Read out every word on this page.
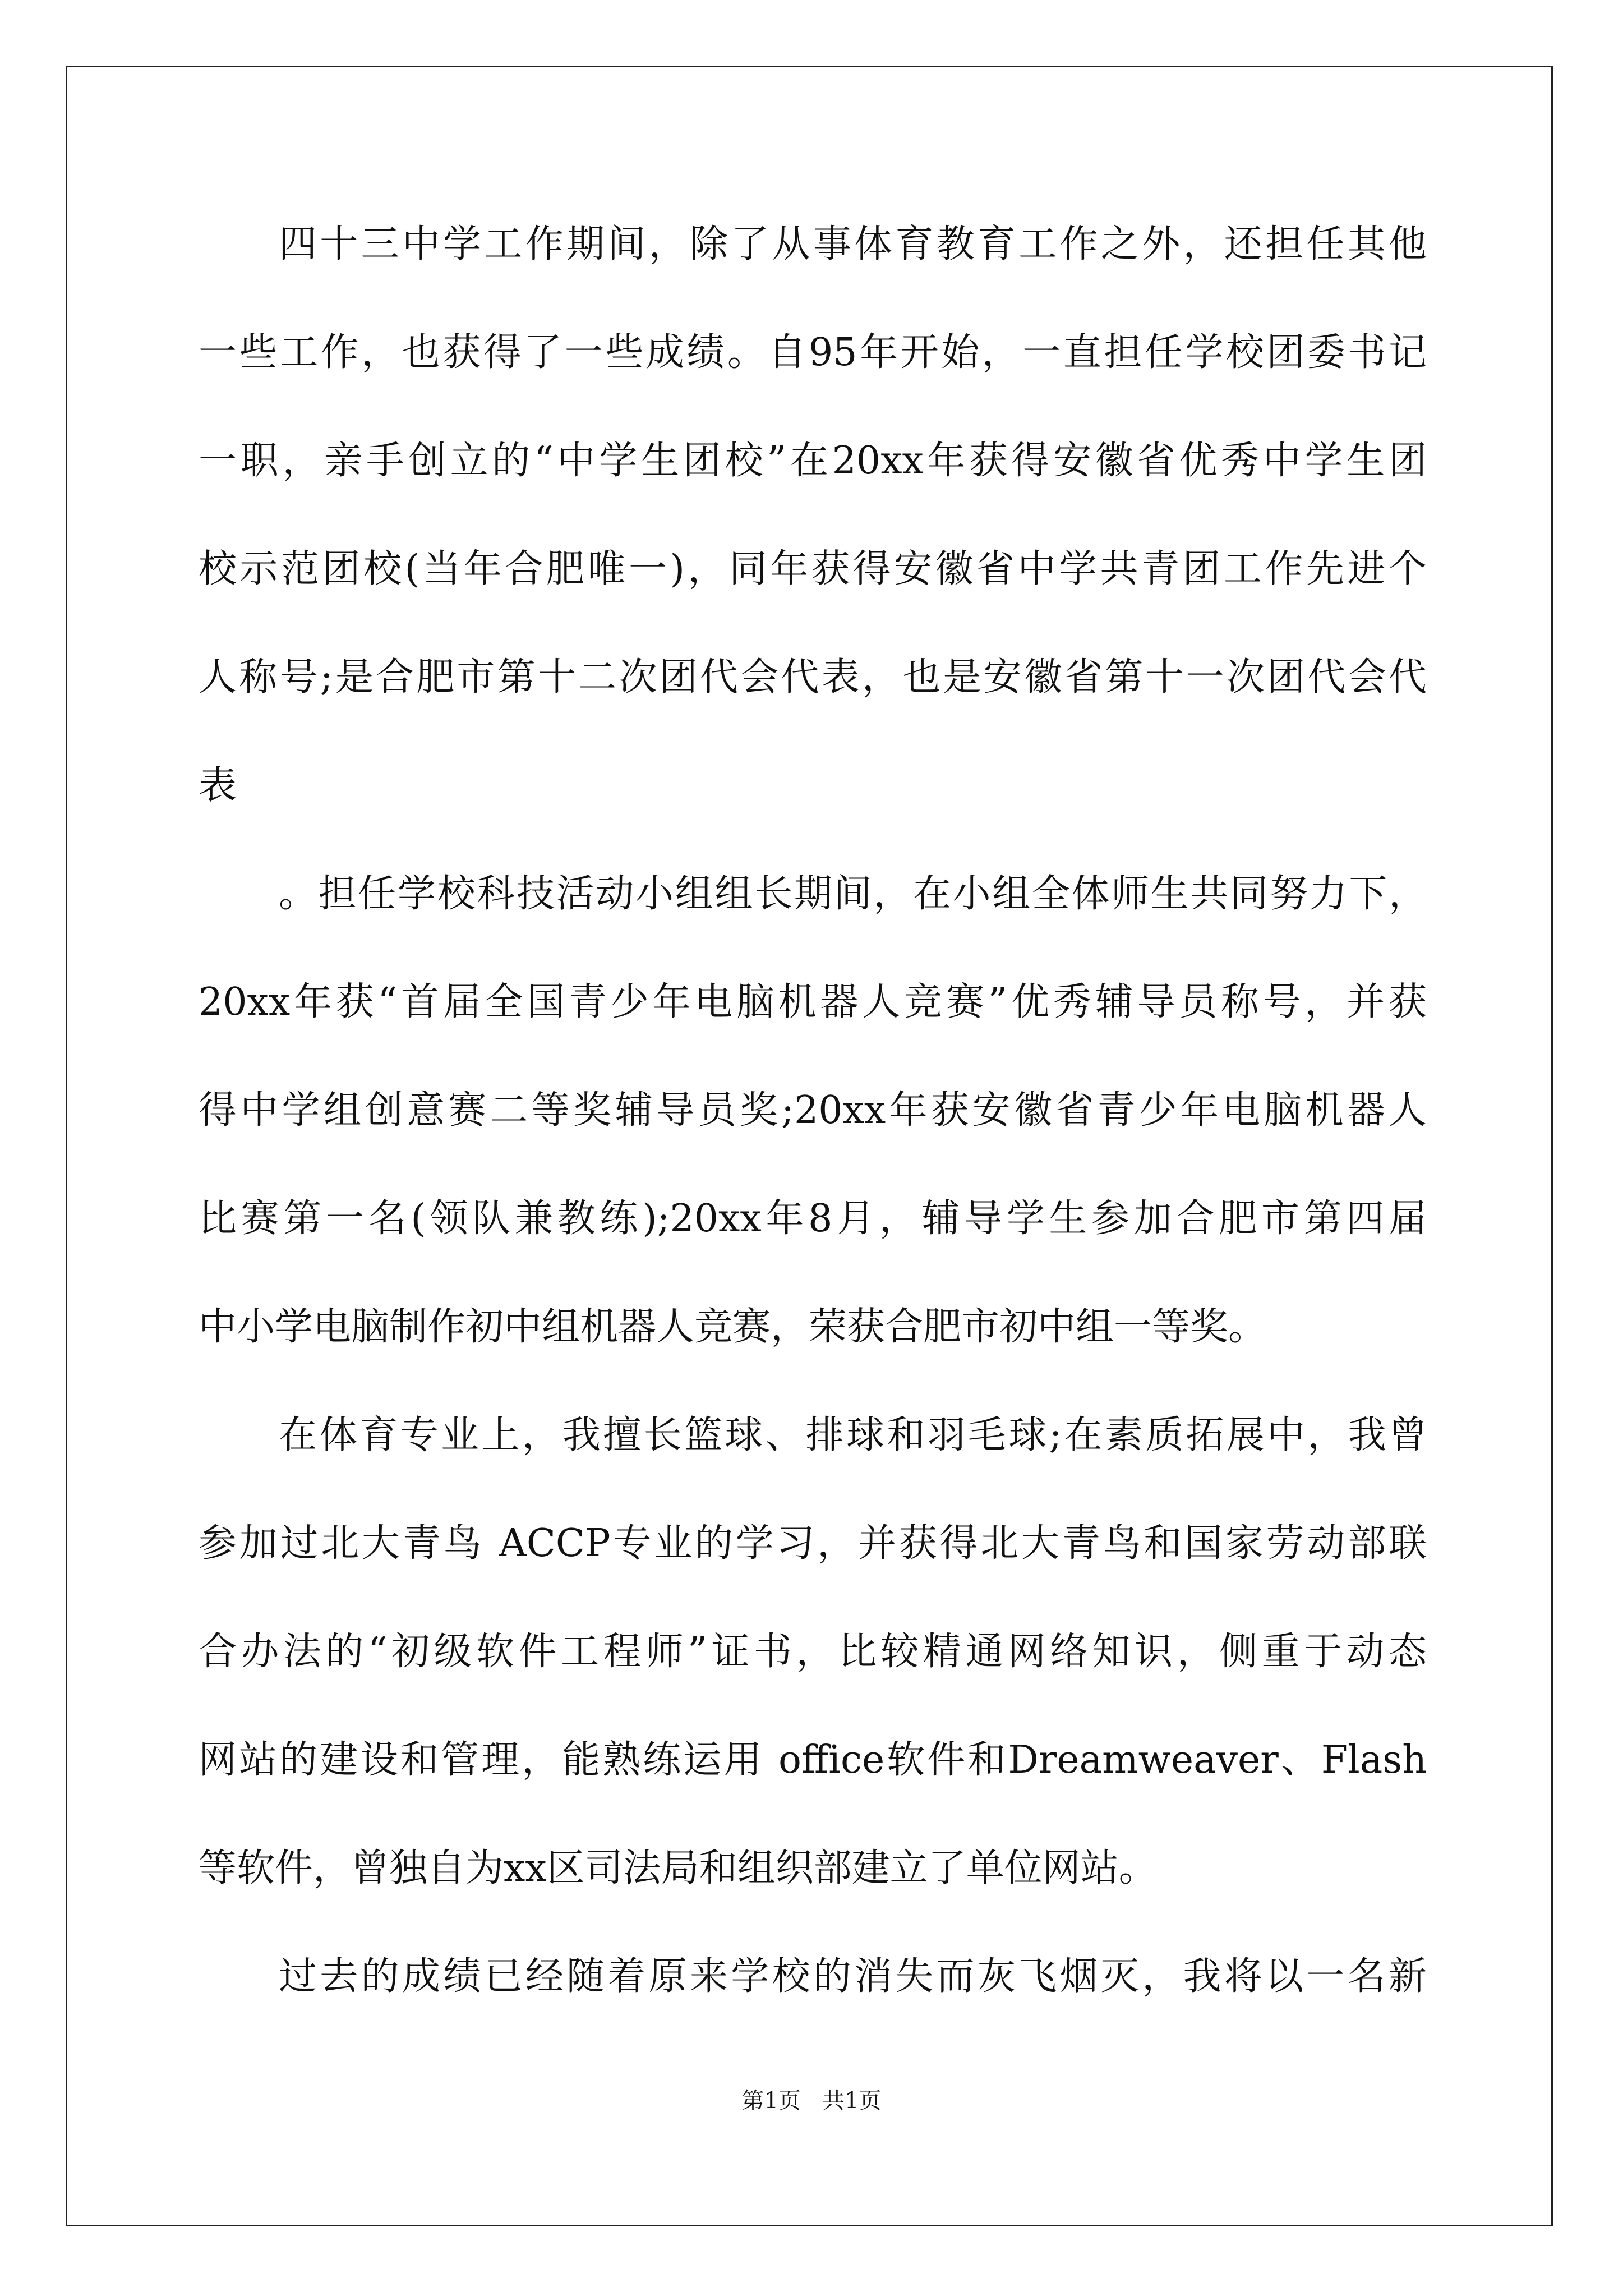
四十三中学工作期间，除了从事体育教育工作之外，还担任其他
一些工作，也获得了一些成绩。自95年开始，一直担任学校团委书记
一职，亲手创立的“中学生团校”在20xx年获得安徽省优秀中学生团
校示范团校(当年合肥唯一)，同年获得安徽省中学共青团工作先进个
人称号;是合肥市第十二次团代会代表，也是安徽省第十一次团代会代
表
。担任学校科技活动小组组长期间，在小组全体师生共同努力下，
20xx年获“首届全国青少年电脑机器人竞赛”优秀辅导员称号，并获
得中学组创意赛二等奖辅导员奖;20xx年获安徽省青少年电脑机器人
比赛第一名(领队兼教练);20xx年8月，辅导学生参加合肥市第四届
中小学电脑制作初中组机器人竞赛，荣获合肥市初中组一等奖。
在体育专业上，我擅长篮球、排球和羽毛球;在素质拓展中，我曾
参加过北大青鸟 ACCP专业的学习，并获得北大青鸟和国家劳动部联
合办法的“初级软件工程师”证书，比较精通网络知识，侧重于动态
网站的建设和管理，能熟练运用 office软件和Dreamweaver、Flash
等软件，曾独自为xx区司法局和组织部建立了单位网站。
过去的成绩已经随着原来学校的消失而灰飞烟灭，我将以一名新
第1页   共1页
